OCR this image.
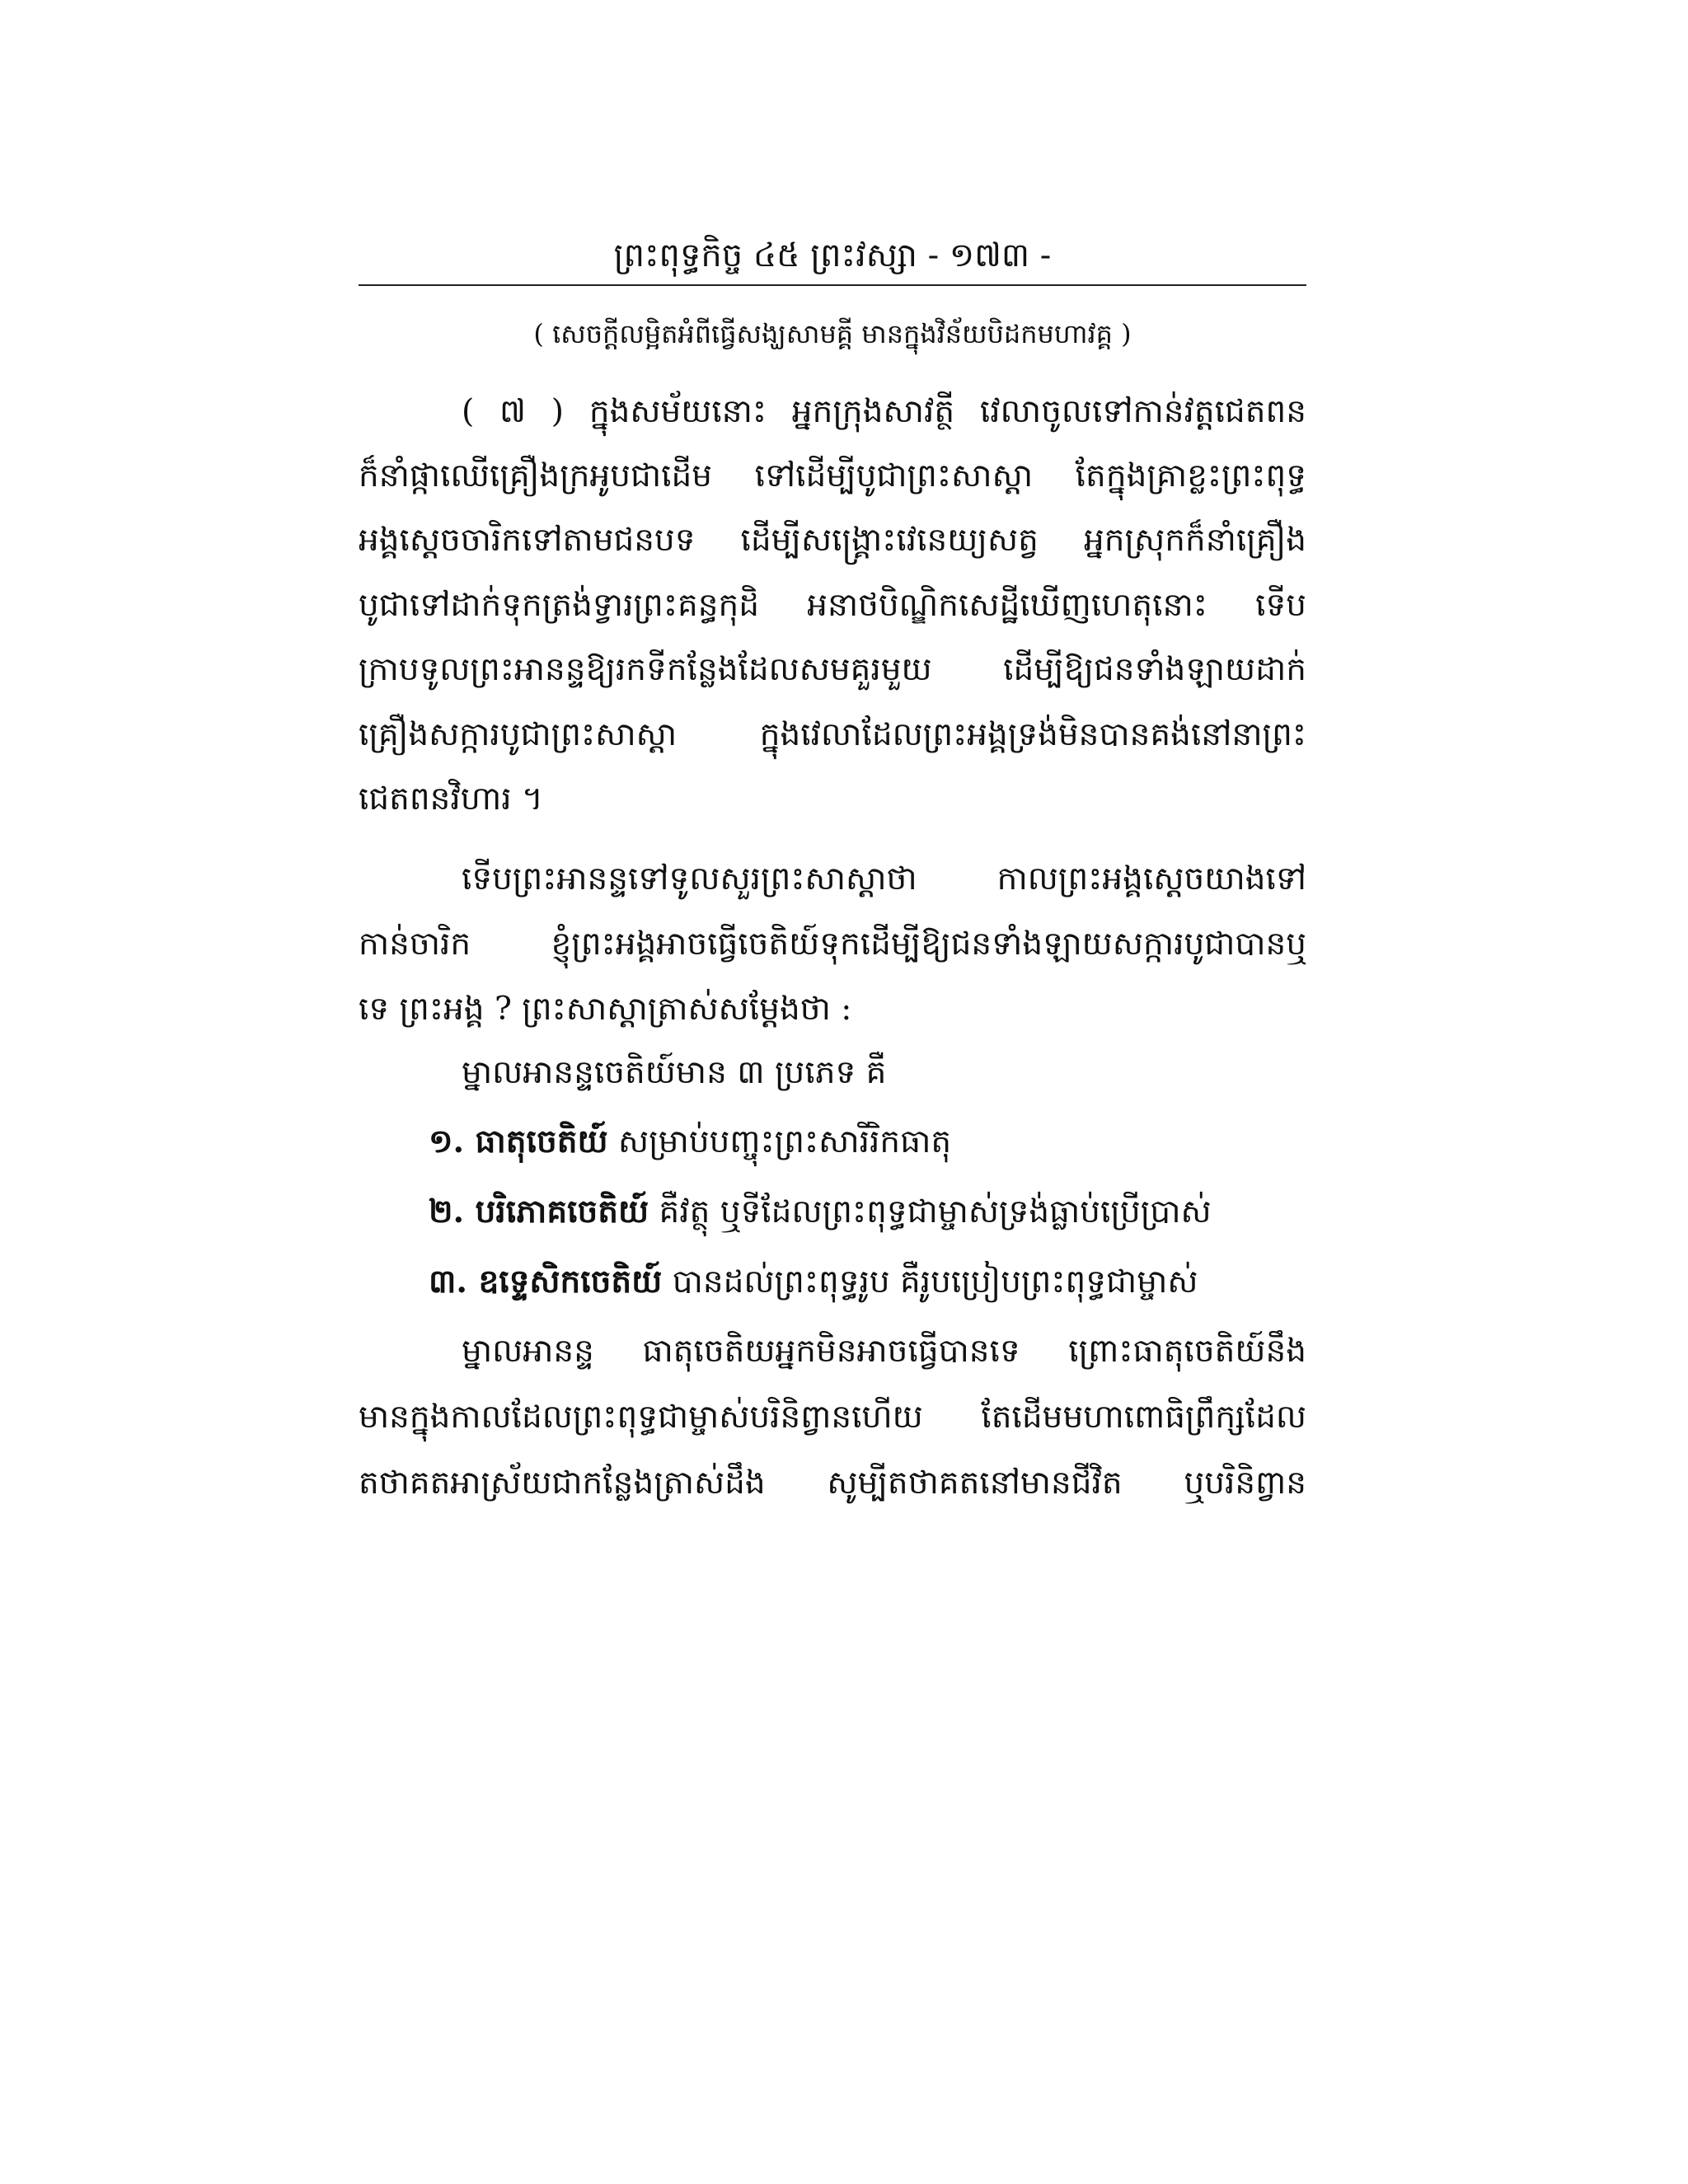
ព្រះពុទ្ធកិច្ច ៤៥ ព្រះវស្សា ‐ ១៧៣ ‐
( សេចក្តីលម្អិតអំពីធ្វើសង្ឃសាមគ្គី មានក្នុងវិន័យបិដកមហាវគ្គ )
( ៧ ) ក្នុងសម័យនោះ អ្នកក្រុងសាវត្ថី វេលាចូលទៅកាន់វត្តជេតពន
ក៏នាំផ្កាឈើគ្រឿងក្រអូបជាដើម ទៅដើម្បីបូជាព្រះសាស្តា តែក្នុងគ្រាខ្លះព្រះពុទ្ធ
អង្គស្តេចចារិកទៅតាមជនបទ ដើម្បីសង្គ្រោះវេនេយ្យសត្វ អ្នកស្រុកក៏នាំគ្រឿង
បូជាទៅដាក់ទុកត្រង់ទ្វារព្រះគន្ធកុដិ អនាថបិណ្ឌិកសេដ្ឋីឃើញហេតុនោះ ទើប
ក្រាបទូលព្រះអានន្ទឱ្យរកទីកន្លែងដែលសមគួរមួយ ដើម្បីឱ្យជនទាំងឡាយដាក់
គ្រឿងសក្ការបូជាព្រះសាស្តា ក្នុងវេលាដែលព្រះអង្គទ្រង់មិនបានគង់នៅនាព្រះ
ជេតពនវិហារ ។
ទើបព្រះអានន្ទទៅទូលសួរព្រះសាស្តាថា កាលព្រះអង្គស្តេចយាងទៅ
កាន់ចារិក ខ្ញុំព្រះអង្គអាចធ្វើចេតិយ៍ទុកដើម្បីឱ្យជនទាំងឡាយសក្ការបូជាបានឬ
ទេ ព្រះអង្គ ? ព្រះសាស្តាត្រាស់សម្តែងថា :
ម្នាលអានន្ទចេតិយ៍មាន ៣ ប្រភេទ គឺ
១. ធាតុចេតិយ៍ សម្រាប់បញ្ចុះព្រះសារីរិកធាតុ
២. បរិភោគចេតិយ៍ គឺវត្ថុ ឬទីដែលព្រះពុទ្ធជាម្ចាស់ទ្រង់ធ្លាប់ប្រើប្រាស់
៣. ឧទ្ទេសិកចេតិយ៍ បានដល់ព្រះពុទ្ធរូប គឺរូបប្រៀបព្រះពុទ្ធជាម្ចាស់
ម្នាលអានន្ទ ធាតុចេតិយអ្នកមិនអាចធ្វើបានទេ ព្រោះធាតុចេតិយ៍នឹង
មានក្នុងកាលដែលព្រះពុទ្ធជាម្ចាស់បរិនិព្វានហើយ តែដើមមហាពោធិព្រឹក្សដែល
តថាគតអាស្រ័យជាកន្លែងត្រាស់ដឹង សូម្បីតថាគតនៅមានជីវិត ឬបរិនិព្វាន
